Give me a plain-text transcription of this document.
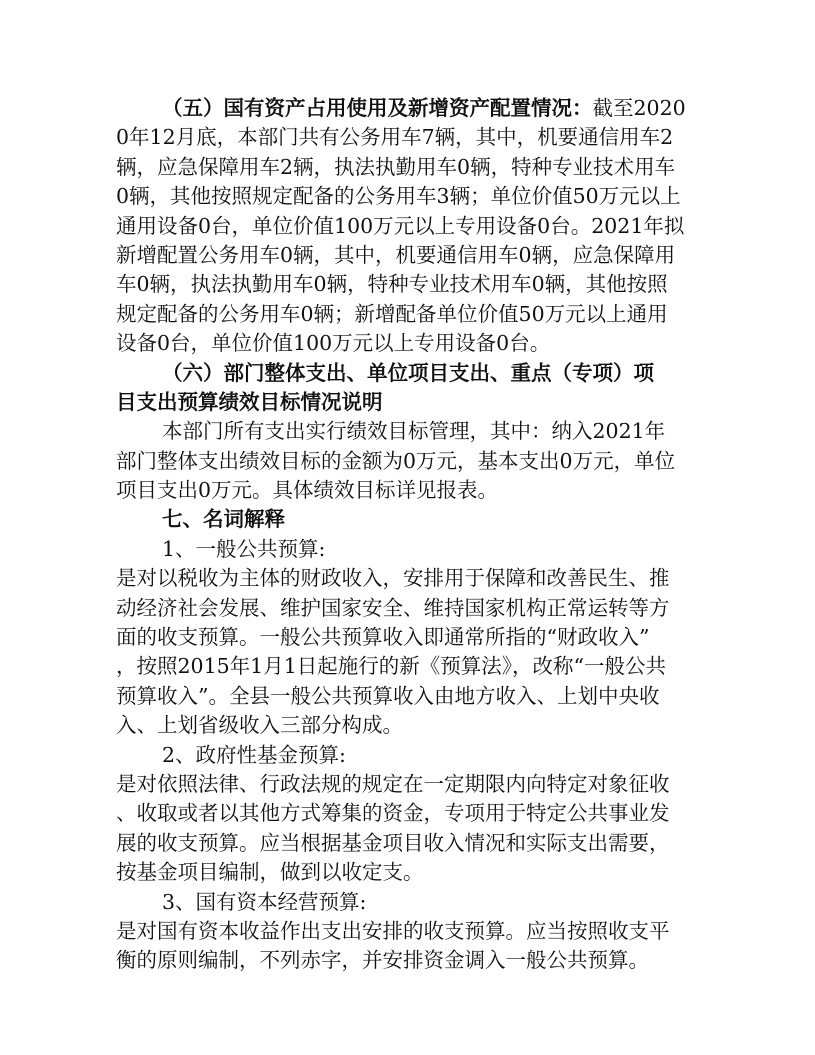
（五）国有资产占用使用及新增资产配置情况：截至2020
0年12月底，本部门共有公务用车7辆，其中，机要通信用车2
辆，应急保障用车2辆，执法执勤用车0辆，特种专业技术用车
0辆，其他按照规定配备的公务用车3辆；单位价值50万元以上
通用设备0台，单位价值100万元以上专用设备0台。2021年拟
新增配置公务用车0辆，其中，机要通信用车0辆，应急保障用
车0辆，执法执勤用车0辆，特种专业技术用车0辆，其他按照
规定配备的公务用车0辆；新增配备单位价值50万元以上通用
设备0台，单位价值100万元以上专用设备0台。
（六）部门整体支出、单位项目支出、重点（专项）项
目支出预算绩效目标情况说明
本部门所有支出实行绩效目标管理，其中：纳入2021年
部门整体支出绩效目标的金额为0万元，基本支出0万元，单位
项目支出0万元。具体绩效目标详见报表。
七、名词解释
1、一般公共预算:
是对以税收为主体的财政收入，安排用于保障和改善民生、推
动经济社会发展、维护国家安全、维持国家机构正常运转等方
面的收支预算。一般公共预算收入即通常所指的“财政收入”
，按照2015年1月1日起施行的新《预算法》，改称“一般公共
预算收入”。全县一般公共预算收入由地方收入、上划中央收
入、上划省级收入三部分构成。
2、政府性基金预算:
是对依照法律、行政法规的规定在一定期限内向特定对象征收
、收取或者以其他方式筹集的资金，专项用于特定公共事业发
展的收支预算。应当根据基金项目收入情况和实际支出需要，
按基金项目编制，做到以收定支。
3、国有资本经营预算:
是对国有资本收益作出支出安排的收支预算。应当按照收支平
衡的原则编制，不列赤字，并安排资金调入一般公共预算。
